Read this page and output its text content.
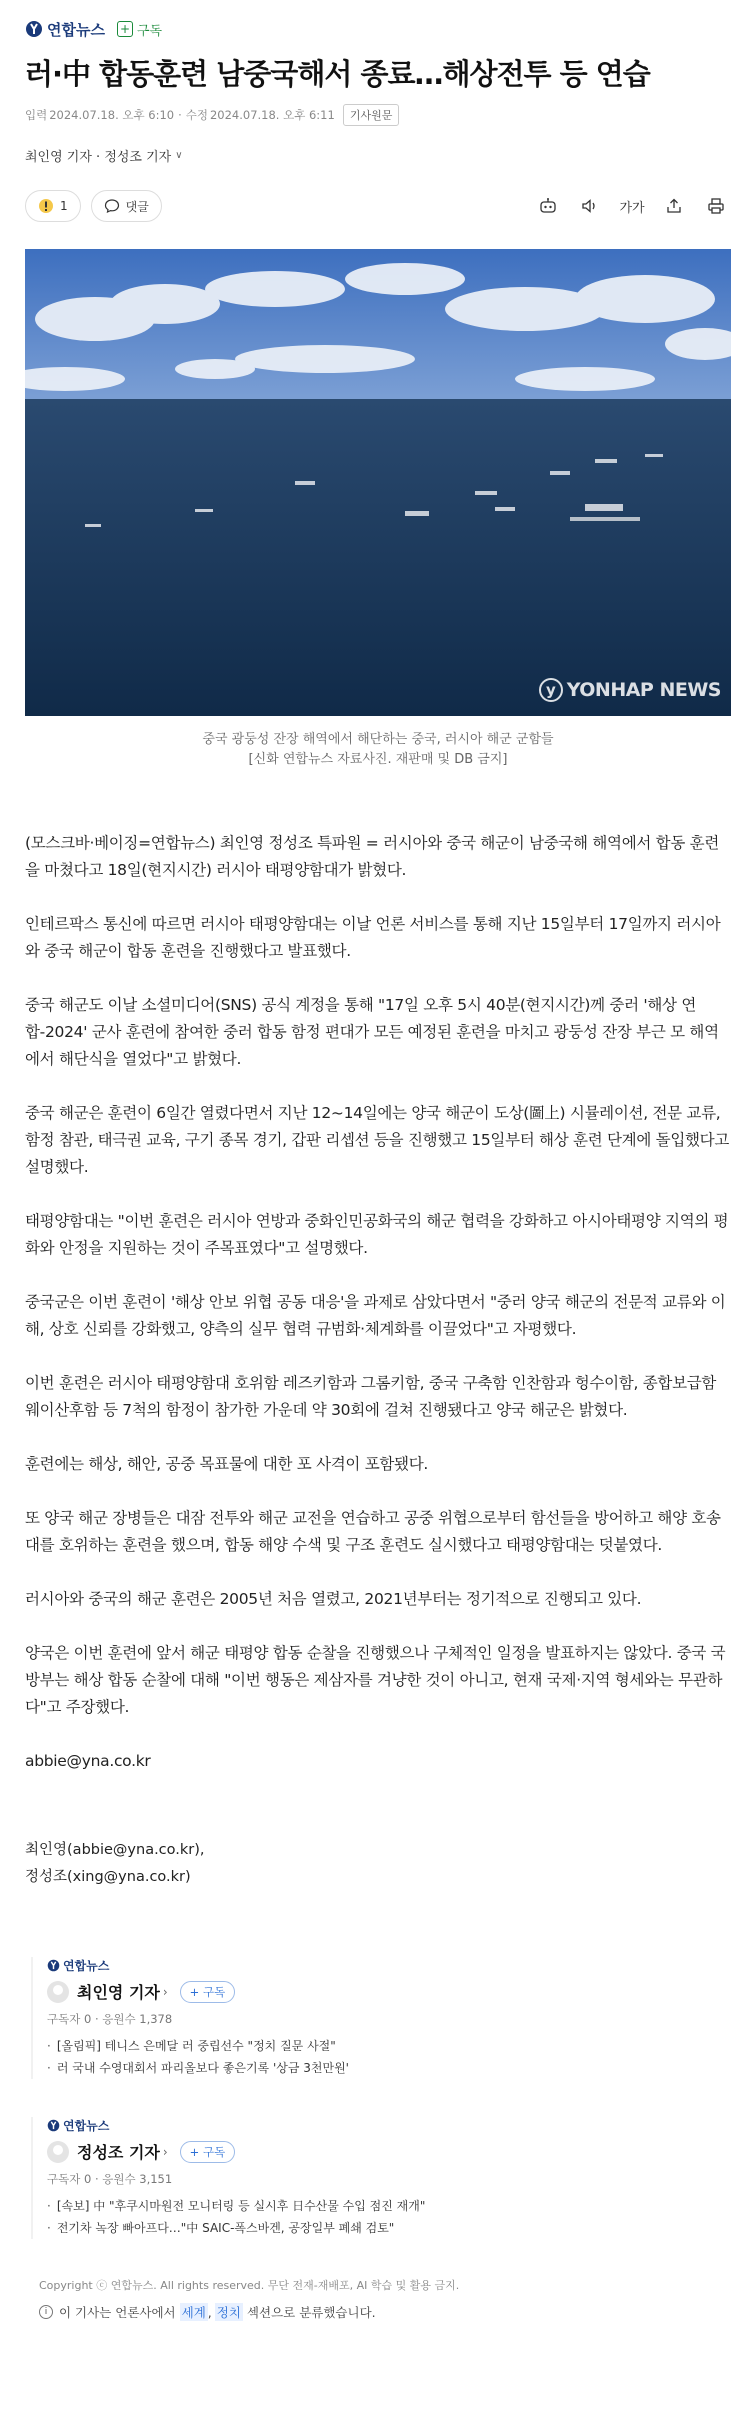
연합뉴스 + 구독
러·中 합동훈련 남중국해서 종료…해상전투 등 연습
입력 2024.07.18. 오후 6:10 · 수정 2024.07.18. 오후 6:11	기사원문
최인영 기자 · 정성조 기자 ∨
1	댓글	가가
y YONHAP NEWS
중국 광둥성 잔장 해역에서 해단하는 중국, 러시아 해군 군함들
[신화 연합뉴스 자료사진. 재판매 및 DB 금지]

(모스크바·베이징=연합뉴스) 최인영 정성조 특파원 = 러시아와 중국 해군이 남중국해 해역에서 합동 훈련을 마쳤다고 18일(현지시간) 러시아 태평양함대가 밝혔다.

인테르팍스 통신에 따르면 러시아 태평양함대는 이날 언론 서비스를 통해 지난 15일부터 17일까지 러시아와 중국 해군이 합동 훈련을 진행했다고 발표했다.

중국 해군도 이날 소셜미디어(SNS) 공식 계정을 통해 "17일 오후 5시 40분(현지시간)께 중러 '해상 연합-2024' 군사 훈련에 참여한 중러 합동 함정 편대가 모든 예정된 훈련을 마치고 광둥성 잔장 부근 모 해역에서 해단식을 열었다"고 밝혔다.

중국 해군은 훈련이 6일간 열렸다면서 지난 12~14일에는 양국 해군이 도상(圖上) 시뮬레이션, 전문 교류, 함정 참관, 태극권 교육, 구기 종목 경기, 갑판 리셉션 등을 진행했고 15일부터 해상 훈련 단계에 돌입했다고 설명했다.

태평양함대는 "이번 훈련은 러시아 연방과 중화인민공화국의 해군 협력을 강화하고 아시아태평양 지역의 평화와 안정을 지원하는 것이 주목표였다"고 설명했다.

중국군은 이번 훈련이 '해상 안보 위협 공동 대응'을 과제로 삼았다면서 "중러 양국 해군의 전문적 교류와 이해, 상호 신뢰를 강화했고, 양측의 실무 협력 규범화·체계화를 이끌었다"고 자평했다.

이번 훈련은 러시아 태평양함대 호위함 레즈키함과 그롬키함, 중국 구축함 인찬함과 헝수이함, 종합보급함 웨이산후함 등 7척의 함정이 참가한 가운데 약 30회에 걸쳐 진행됐다고 양국 해군은 밝혔다.

훈련에는 해상, 해안, 공중 목표물에 대한 포 사격이 포함됐다.

또 양국 해군 장병들은 대잠 전투와 해군 교전을 연습하고 공중 위협으로부터 함선들을 방어하고 해양 호송대를 호위하는 훈련을 했으며, 합동 해양 수색 및 구조 훈련도 실시했다고 태평양함대는 덧붙였다.

러시아와 중국의 해군 훈련은 2005년 처음 열렸고, 2021년부터는 정기적으로 진행되고 있다.

양국은 이번 훈련에 앞서 해군 태평양 합동 순찰을 진행했으나 구체적인 일정을 발표하지는 않았다. 중국 국방부는 해상 합동 순찰에 대해 "이번 행동은 제삼자를 겨냥한 것이 아니고, 현재 국제·지역 형세와는 무관하다"고 주장했다.

abbie@yna.co.kr

최인영(abbie@yna.co.kr),
정성조(xing@yna.co.kr)
연합뉴스
최인영 기자 ›	+ 구독
구독자 0 · 응원수 1,378
· [올림픽] 테니스 은메달 러 중립선수 "정치 질문 사절"
· 러 국내 수영대회서 파리올보다 좋은기록 '상금 3천만원'
연합뉴스
정성조 기자 ›	+ 구독
구독자 0 · 응원수 3,151
· [속보] 中 "후쿠시마원전 모니터링 등 실시후 日수산물 수입 점진 재개"
· 전기차 녹장 빠아프다…"中 SAIC-폭스바겐, 공장일부 폐쇄 검토"
Copyright ⓒ 연합뉴스. All rights reserved. 무단 전재-재배포, AI 학습 및 활용 금지.
i 이 기사는 언론사에서 세계 , 정치 섹션으로 분류했습니다.
